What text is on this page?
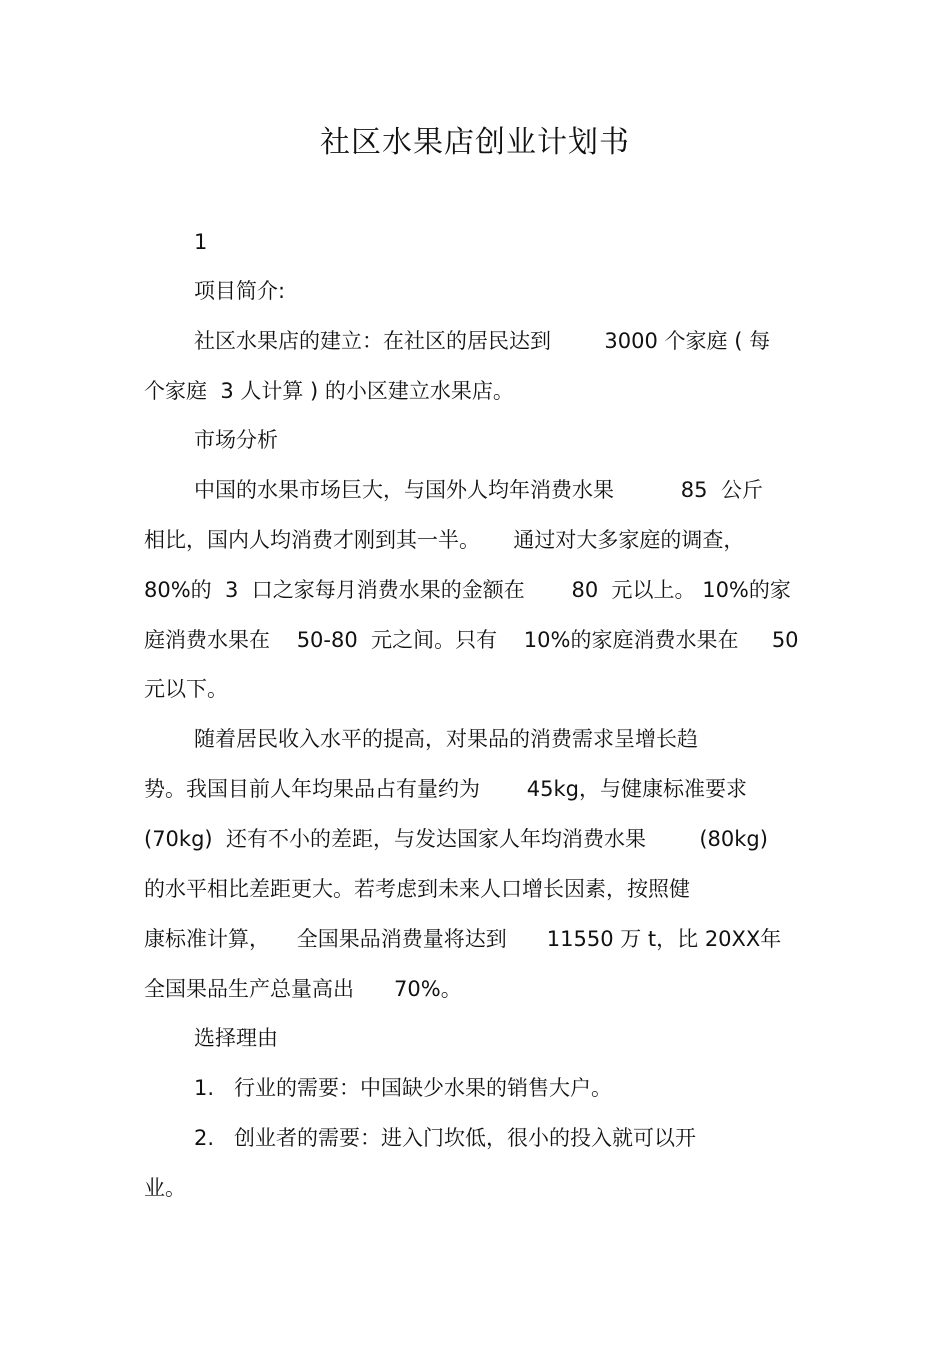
社区水果店创业计划书
1
项目简介:
社区水果店的建立：在社区的居民达到        3000 个家庭 ( 每
个家庭  3 人计算 ) 的小区建立水果店。
市场分析
中国的水果市场巨大，与国外人均年消费水果          85  公斤
相比，国内人均消费才刚到其一半。     通过对大多家庭的调查，
80%的  3  口之家每月消费水果的金额在       80  元以上。 10%的家
庭消费水果在    50-80  元之间。只有    10%的家庭消费水果在     50
元以下。
随着居民收入水平的提高，对果品的消费需求呈增长趋
势。我国目前人年均果品占有量约为       45kg，与健康标准要求
(70kg)  还有不小的差距，与发达国家人年均消费水果        (80kg)
的水平相比差距更大。若考虑到未来人口增长因素，按照健
康标准计算，    全国果品消费量将达到      11550 万 t，比 20XX年
全国果品生产总量高出      70%。
选择理由
1.   行业的需要：中国缺少水果的销售大户。
2.   创业者的需要：进入门坎低，很小的投入就可以开
业。
